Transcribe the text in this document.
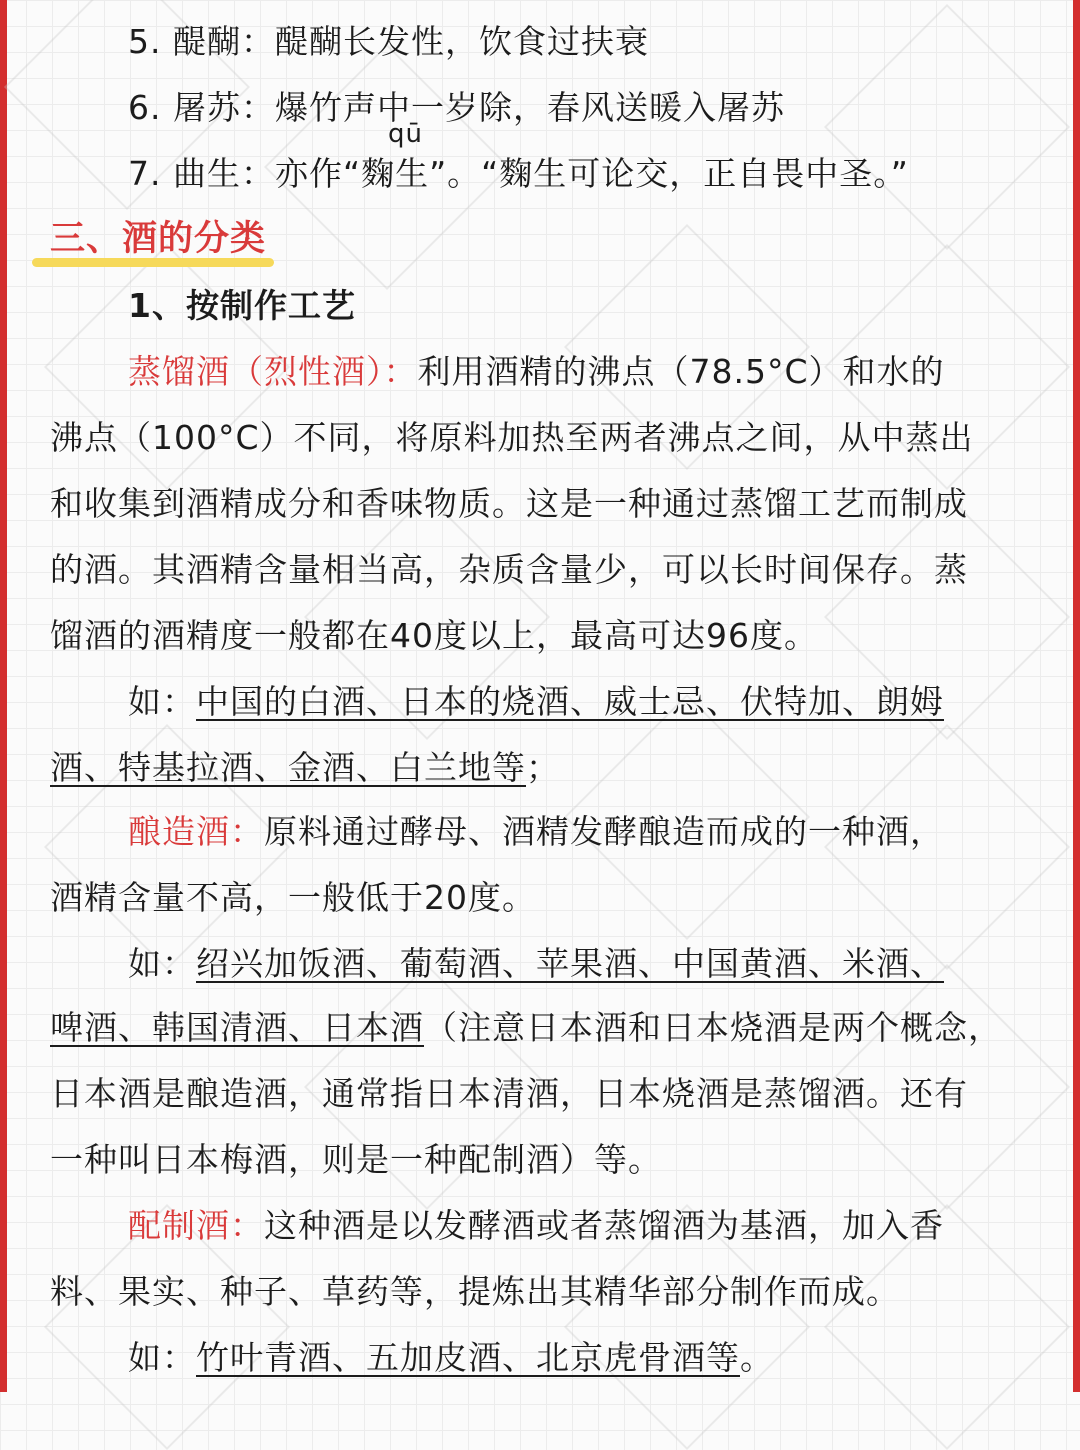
5. 醍醐：醍醐长发性，饮食过扶衰
6. 屠苏：爆竹声中一岁除，春风送暖入屠苏
qū
7. 曲生：亦作“麴生”。“麴生可论交，正自畏中圣。”
三、酒的分类
1、按制作工艺
蒸馏酒（烈性酒）：利用酒精的沸点（78.5°C）和水的
沸点（100°C）不同，将原料加热至两者沸点之间，从中蒸出
和收集到酒精成分和香味物质。这是一种通过蒸馏工艺而制成
的酒。其酒精含量相当高，杂质含量少，可以长时间保存。蒸
馏酒的酒精度一般都在40度以上，最高可达96度。
如：中国的白酒、日本的烧酒、威士忌、伏特加、朗姆
酒、特基拉酒、金酒、白兰地等；
酿造酒：原料通过酵母、酒精发酵酿造而成的一种酒，
酒精含量不高，一般低于20度。
如：绍兴加饭酒、葡萄酒、苹果酒、中国黄酒、米酒、
啤酒、韩国清酒、日本酒（注意日本酒和日本烧酒是两个概念，
日本酒是酿造酒，通常指日本清酒，日本烧酒是蒸馏酒。还有
一种叫日本梅酒，则是一种配制酒）等。
配制酒：这种酒是以发酵酒或者蒸馏酒为基酒，加入香
料、果实、种子、草药等，提炼出其精华部分制作而成。
如：竹叶青酒、五加皮酒、北京虎骨酒等。
